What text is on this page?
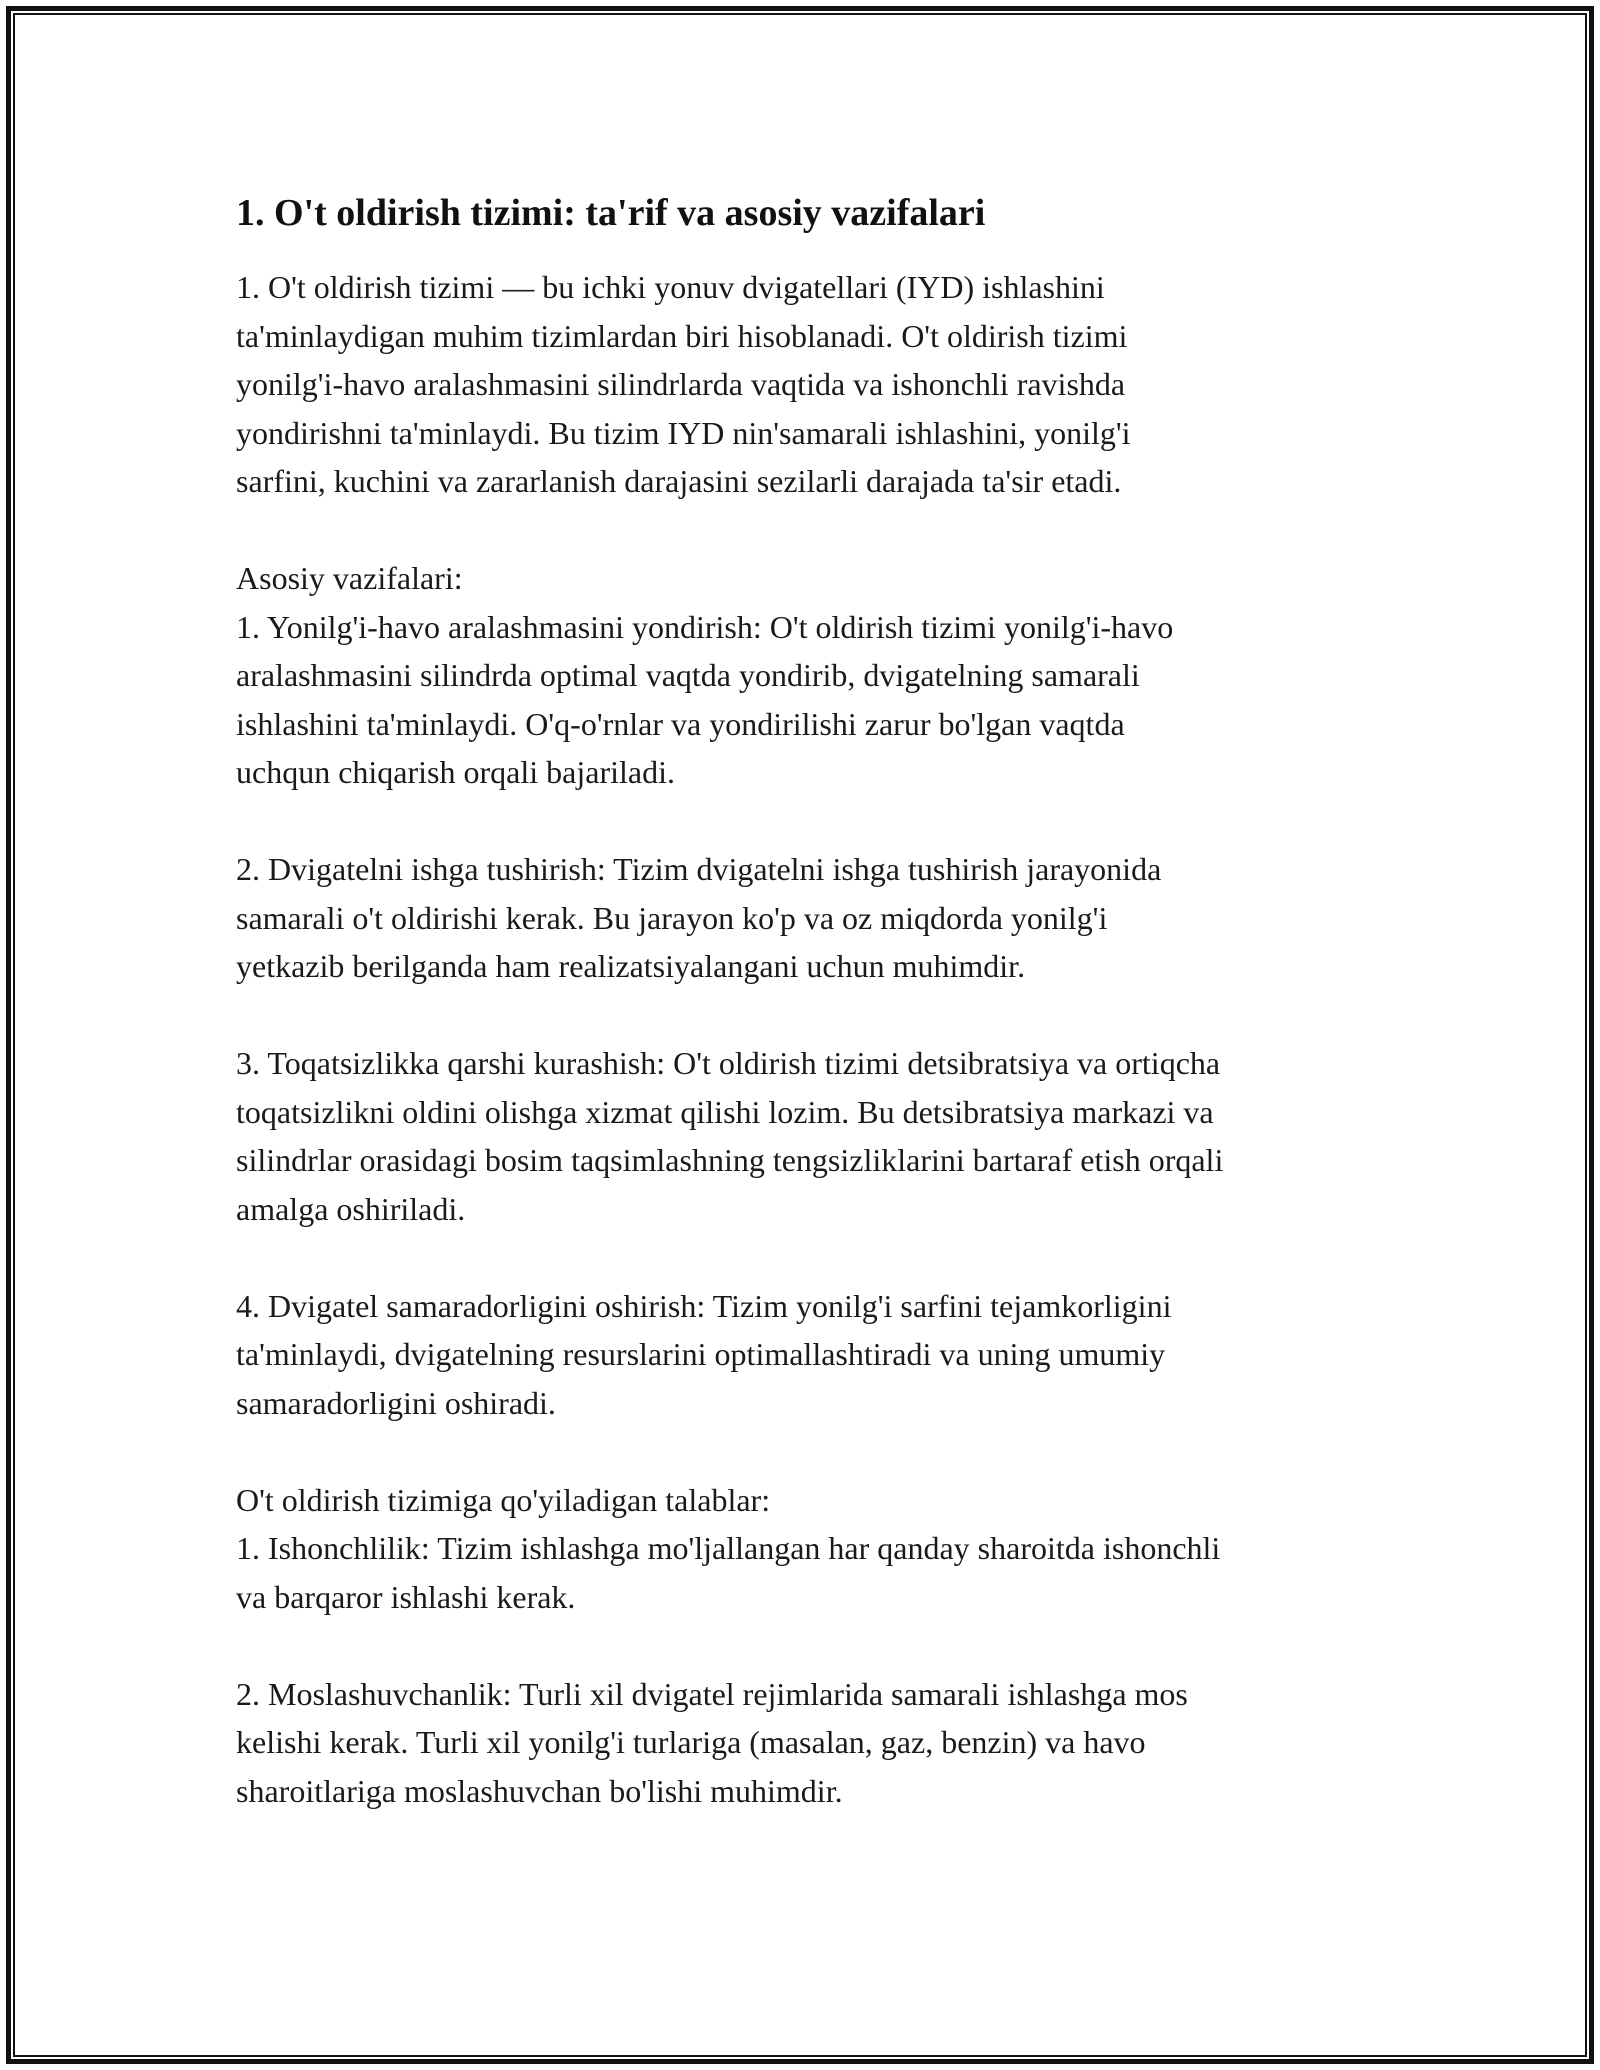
1. O't oldirish tizimi: ta'rif va asosiy vazifalari

1. O't oldirish tizimi — bu ichki yonuv dvigatellari (IYD) ishlashini
ta'minlaydigan muhim tizimlardan biri hisoblanadi. O't oldirish tizimi
yonilg'i-havo aralashmasini silindrlarda vaqtida va ishonchli ravishda
yondirishni ta'minlaydi. Bu tizim IYD nin'samarali ishlashini, yonilg'i
sarfini, kuchini va zararlanish darajasini sezilarli darajada ta'sir etadi.

Asosiy vazifalari:
1. Yonilg'i-havo aralashmasini yondirish: O't oldirish tizimi yonilg'i-havo
aralashmasini silindrda optimal vaqtda yondirib, dvigatelning samarali
ishlashini ta'minlaydi. O'q-o'rnlar va yondirilishi zarur bo'lgan vaqtda
uchqun chiqarish orqali bajariladi.

2. Dvigatelni ishga tushirish: Tizim dvigatelni ishga tushirish jarayonida
samarali o't oldirishi kerak. Bu jarayon ko'p va oz miqdorda yonilg'i
yetkazib berilganda ham realizatsiyalangani uchun muhimdir.

3. Toqatsizlikka qarshi kurashish: O't oldirish tizimi detsibratsiya va ortiqcha
toqatsizlikni oldini olishga xizmat qilishi lozim. Bu detsibratsiya markazi va
silindrlar orasidagi bosim taqsimlashning tengsizliklarini bartaraf etish orqali
amalga oshiriladi.

4. Dvigatel samaradorligini oshirish: Tizim yonilg'i sarfini tejamkorligini
ta'minlaydi, dvigatelning resurslarini optimallashtiradi va uning umumiy
samaradorligini oshiradi.

O't oldirish tizimiga qo'yiladigan talablar:
1. Ishonchlilik: Tizim ishlashga mo'ljallangan har qanday sharoitda ishonchli
va barqaror ishlashi kerak.

2. Moslashuvchanlik: Turli xil dvigatel rejimlarida samarali ishlashga mos
kelishi kerak. Turli xil yonilg'i turlariga (masalan, gaz, benzin) va havo
sharoitlariga moslashuvchan bo'lishi muhimdir.
